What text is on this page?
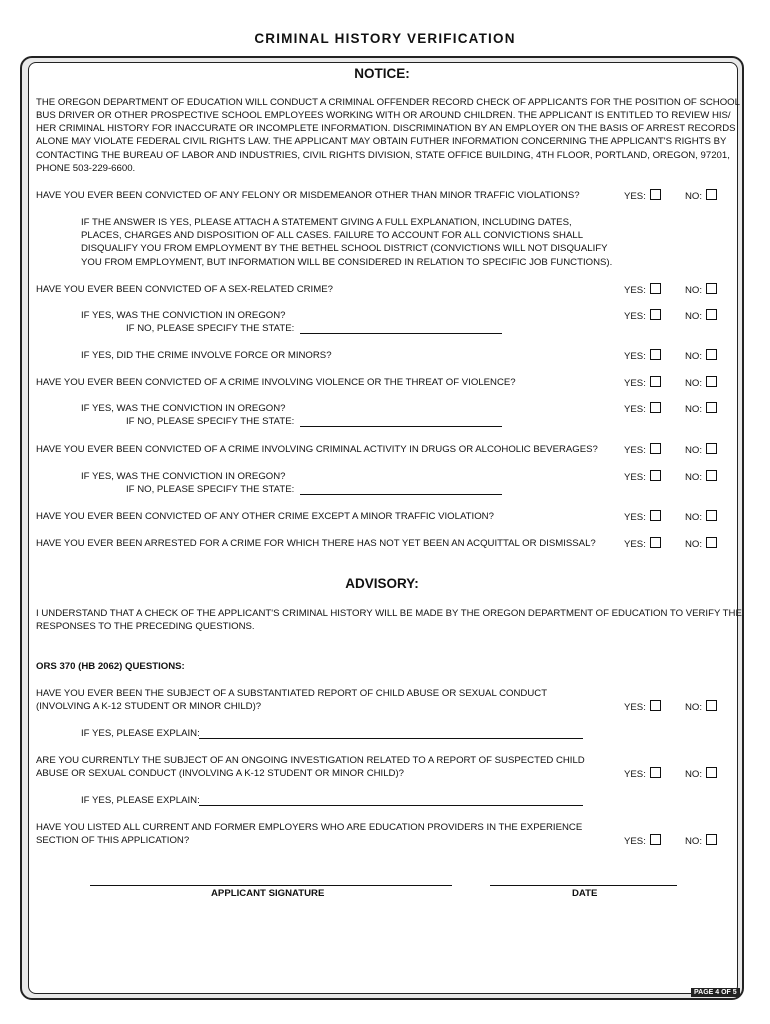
CRIMINAL HISTORY VERIFICATION
NOTICE:
THE OREGON DEPARTMENT OF EDUCATION WILL CONDUCT A CRIMINAL OFFENDER RECORD CHECK OF APPLICANTS FOR THE POSITION OF SCHOOL
BUS DRIVER OR OTHER PROSPECTIVE SCHOOL EMPLOYEES WORKING WITH OR AROUND CHILDREN. THE APPLICANT IS ENTITLED TO REVIEW HIS/
HER CRIMINAL HISTORY FOR INACCURATE OR INCOMPLETE INFORMATION. DISCRIMINATION BY AN EMPLOYER ON THE BASIS OF ARREST RECORDS
ALONE MAY VIOLATE FEDERAL CIVIL RIGHTS LAW. THE APPLICANT MAY OBTAIN FUTHER INFORMATION CONCERNING THE APPLICANT'S RIGHTS BY
CONTACTING THE BUREAU OF LABOR AND INDUSTRIES, CIVIL RIGHTS DIVISION, STATE OFFICE BUILDING, 4TH FLOOR, PORTLAND, OREGON, 97201,
PHONE 503-229-6600.
HAVE YOU EVER BEEN CONVICTED OF ANY FELONY OR MISDEMEANOR OTHER THAN MINOR TRAFFIC VIOLATIONS?	YES:	NO:
IF THE ANSWER IS YES, PLEASE ATTACH A STATEMENT GIVING A FULL EXPLANATION, INCLUDING DATES,
PLACES, CHARGES AND DISPOSITION OF ALL CASES. FAILURE TO ACCOUNT FOR ALL CONVICTIONS SHALL
DISQUALIFY YOU FROM EMPLOYMENT BY THE BETHEL SCHOOL DISTRICT (CONVICTIONS WILL NOT DISQUALIFY
YOU FROM EMPLOYMENT, BUT INFORMATION WILL BE CONSIDERED IN RELATION TO SPECIFIC JOB FUNCTIONS).
HAVE YOU EVER BEEN CONVICTED OF A SEX-RELATED CRIME?	YES:	NO:
IF YES, WAS THE CONVICTION IN OREGON?	YES:	NO:
IF NO, PLEASE SPECIFY THE STATE:
IF YES, DID THE CRIME INVOLVE FORCE OR MINORS?	YES:	NO:
HAVE YOU EVER BEEN CONVICTED OF A CRIME INVOLVING VIOLENCE OR THE THREAT OF VIOLENCE?	YES:	NO:
IF YES, WAS THE CONVICTION IN OREGON?	YES:	NO:
IF NO, PLEASE SPECIFY THE STATE:
HAVE YOU EVER BEEN CONVICTED OF A CRIME INVOLVING CRIMINAL ACTIVITY IN DRUGS OR ALCOHOLIC BEVERAGES?	YES:	NO:
IF YES, WAS THE CONVICTION IN OREGON?	YES:	NO:
IF NO, PLEASE SPECIFY THE STATE:
HAVE YOU EVER BEEN CONVICTED OF ANY OTHER CRIME EXCEPT A MINOR TRAFFIC VIOLATION?	YES:	NO:
HAVE YOU EVER BEEN ARRESTED FOR A CRIME FOR WHICH THERE HAS NOT YET BEEN AN ACQUITTAL OR DISMISSAL?	YES:	NO:
ADVISORY:
I UNDERSTAND THAT A CHECK OF THE APPLICANT'S CRIMINAL HISTORY WILL BE MADE BY THE OREGON DEPARTMENT OF EDUCATION TO VERIFY THE
RESPONSES TO THE PRECEDING QUESTIONS.
ORS 370 (HB 2062) QUESTIONS:
HAVE YOU EVER BEEN THE SUBJECT OF A SUBSTANTIATED REPORT OF CHILD ABUSE OR SEXUAL CONDUCT
(INVOLVING A K-12 STUDENT OR MINOR CHILD)?	YES:	NO:
IF YES, PLEASE EXPLAIN:
ARE YOU CURRENTLY THE SUBJECT OF AN ONGOING INVESTIGATION RELATED TO A REPORT OF SUSPECTED CHILD
ABUSE OR SEXUAL CONDUCT (INVOLVING A K-12 STUDENT OR MINOR CHILD)?	YES:	NO:
IF YES, PLEASE EXPLAIN:
HAVE YOU LISTED ALL CURRENT AND FORMER EMPLOYERS WHO ARE EDUCATION PROVIDERS IN THE EXPERIENCE
SECTION OF THIS APPLICATION?	YES:	NO:
APPLICANT SIGNATURE	DATE
PAGE 4 OF 5
